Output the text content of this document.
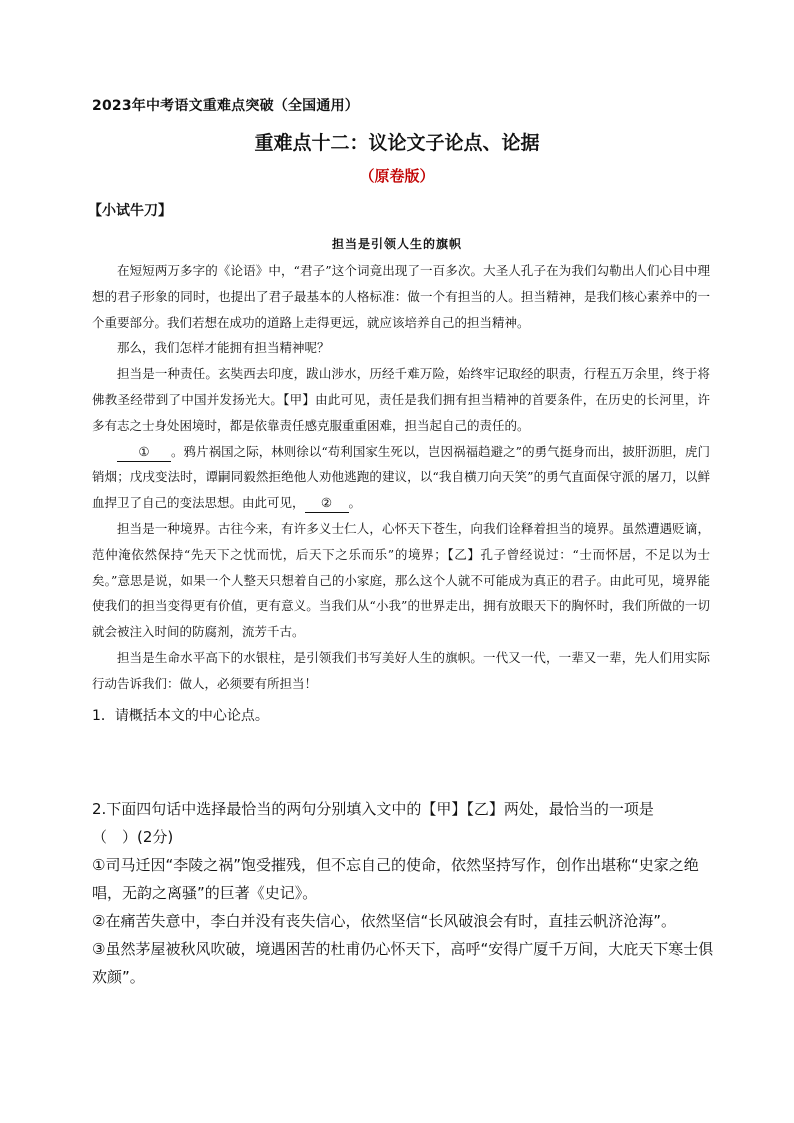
2023年中考语文重难点突破（全国通用）
重难点十二：议论文子论点、论据
（原卷版）
【小试牛刀】
担当是引领人生的旗帜

在短短两万多字的《论语》中，“君子”这个词竟出现了一百多次。大圣人孔子在为我们勾勒出人们心目中理想的君子形象的同时，也提出了君子最基本的人格标准：做一个有担当的人。担当精神，是我们核心素养中的一个重要部分。我们若想在成功的道路上走得更远，就应该培养自己的担当精神。

那么，我们怎样才能拥有担当精神呢？

担当是一种责任。玄奘西去印度，跋山涉水，历经千难万险，始终牢记取经的职责，行程五万余里，终于将佛教圣经带到了中国并发扬光大。【甲】由此可见，责任是我们拥有担当精神的首要条件，在历史的长河里，许多有志之士身处困境时，都是依靠责任感克服重重困难，担当起自己的责任的。

① 。鸦片祸国之际，林则徐以“苟利国家生死以，岂因祸福趋避之”的勇气挺身而出，披肝沥胆，虎门销烟；戊戌变法时，谭嗣同毅然拒绝他人劝他逃跑的建议，以“我自横刀向天笑”的勇气直面保守派的屠刀，以鲜血捍卫了自己的变法思想。由此可见， ② 。

担当是一种境界。古往今来，有许多义士仁人，心怀天下苍生，向我们诠释着担当的境界。虽然遭遇贬谪，范仲淹依然保持“先天下之忧而忧，后天下之乐而乐”的境界；【乙】孔子曾经说过：“士而怀居，不足以为士矣。”意思是说，如果一个人整天只想着自己的小家庭，那么这个人就不可能成为真正的君子。由此可见，境界能使我们的担当变得更有价值，更有意义。当我们从“小我”的世界走出，拥有放眼天下的胸怀时，我们所做的一切就会被注入时间的防腐剂，流芳千古。

担当是生命水平高下的水银柱，是引领我们书写美好人生的旗帜。一代又一代，一辈又一辈，先人们用实际行动告诉我们：做人，必须要有所担当！

1．请概括本文的中心论点。

2.下面四句话中选择最恰当的两句分别填入文中的【甲】【乙】两处，最恰当的一项是

（　）(2分)

①司马迁因“李陵之祸”饱受摧残，但不忘自己的使命，依然坚持写作，创作出堪称“史家之绝唱，无韵之离骚”的巨著《史记》。

②在痛苦失意中，李白并没有丧失信心，依然坚信“长风破浪会有时，直挂云帆济沧海”。

③虽然茅屋被秋风吹破，境遇困苦的杜甫仍心怀天下，高呼“安得广厦千万间，大庇天下寒士俱欢颜”。
